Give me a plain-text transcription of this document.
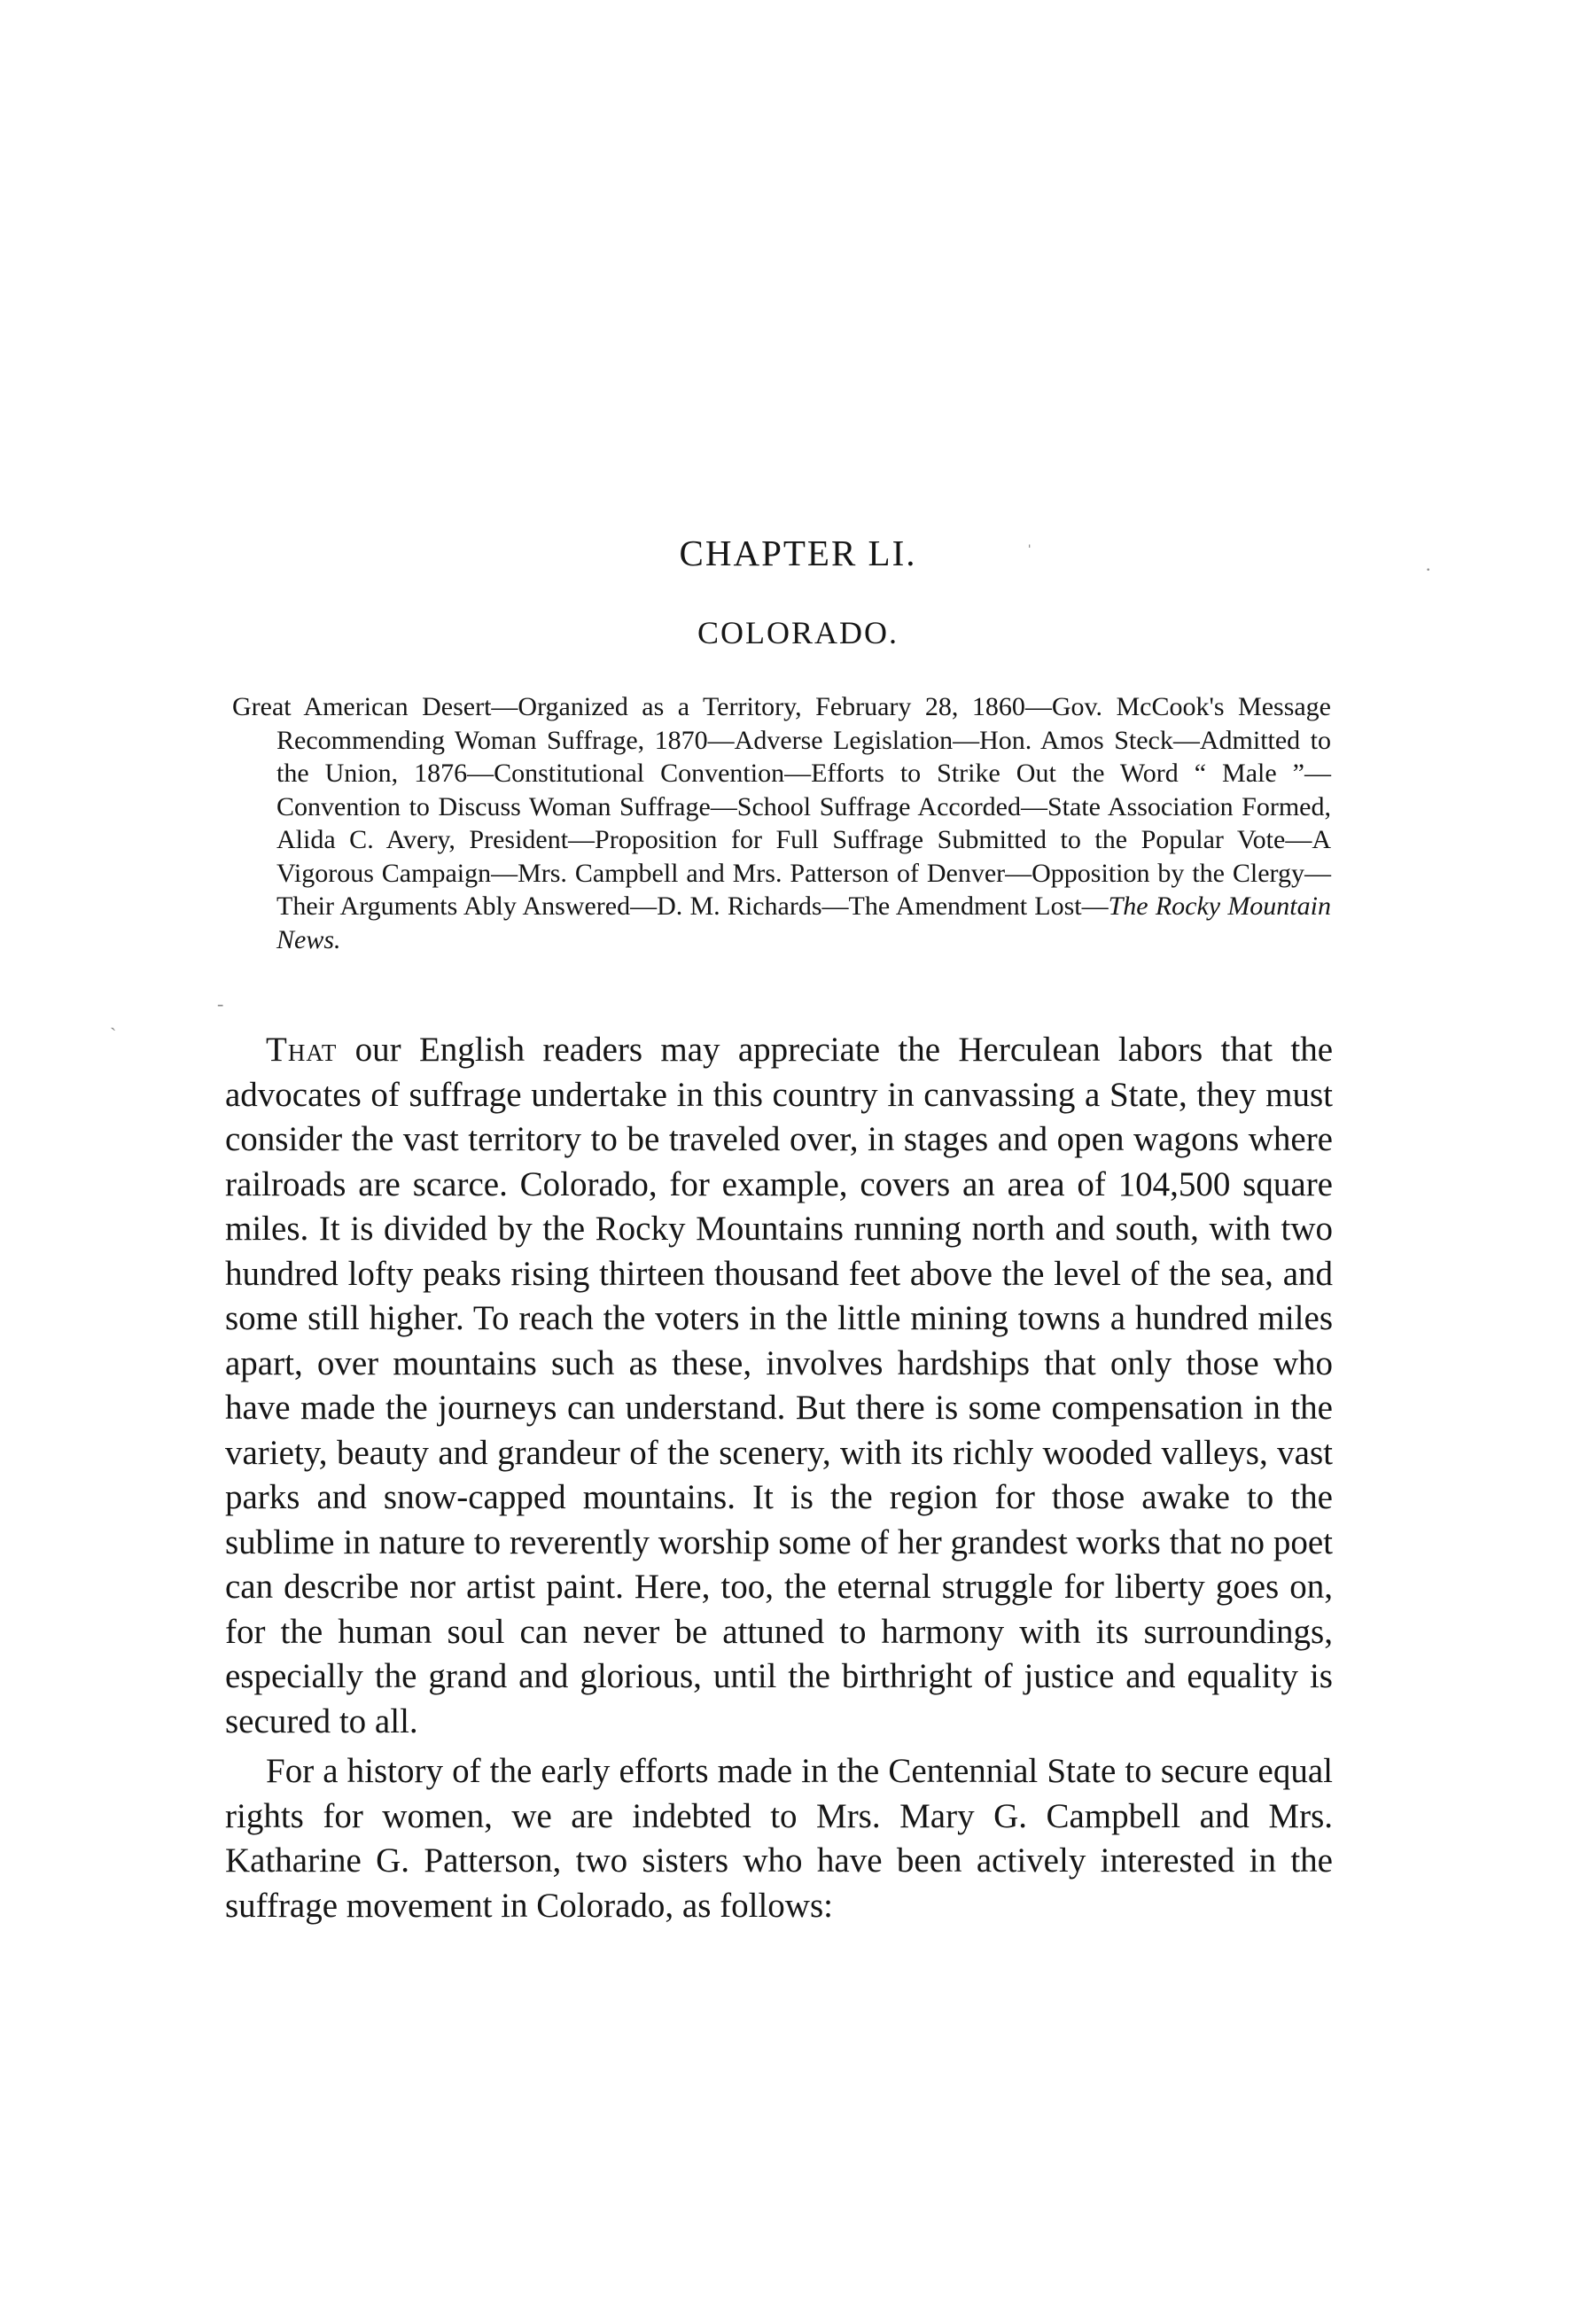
CHAPTER LI.
COLORADO.

Great American Desert—Organized as a Territory, February 28, 1860—Gov. McCook's Message Recommending Woman Suffrage, 1870—Adverse Legislation—Hon. Amos Steck—Admitted to the Union, 1876—Constitutional Convention—Efforts to Strike Out the Word “ Male ”—Convention to Discuss Woman Suffrage—School Suffrage Accorded—State Association Formed, Alida C. Avery, President—Proposition for Full Suffrage Submitted to the Popular Vote—A Vigorous Campaign—Mrs. Campbell and Mrs. Patterson of Denver—Opposition by the Clergy—Their Arguments Ably Answered—D. M. Richards—The Amendment Lost—The Rocky Mountain News.

That our English readers may appreciate the Herculean labors that the advocates of suffrage undertake in this country in canvassing a State, they must consider the vast territory to be traveled over, in stages and open wagons where railroads are scarce. Colorado, for example, covers an area of 104,500 square miles. It is divided by the Rocky Mountains running north and south, with two hundred lofty peaks rising thirteen thousand feet above the level of the sea, and some still higher. To reach the voters in the little mining towns a hundred miles apart, over mountains such as these, involves hardships that only those who have made the journeys can understand. But there is some compensation in the variety, beauty and grandeur of the scenery, with its richly wooded valleys, vast parks and snow-capped mountains. It is the region for those awake to the sublime in nature to reverently worship some of her grandest works that no poet can describe nor artist paint. Here, too, the eternal struggle for liberty goes on, for the human soul can never be attuned to harmony with its surroundings, especially the grand and glorious, until the birthright of justice and equality is secured to all.

For a history of the early efforts made in the Centennial State to secure equal rights for women, we are indebted to Mrs. Mary G. Campbell and Mrs. Katharine G. Patterson, two sisters who have been actively interested in the suffrage movement in Colorado, as follows:

ˈ
·
-
ˋ
